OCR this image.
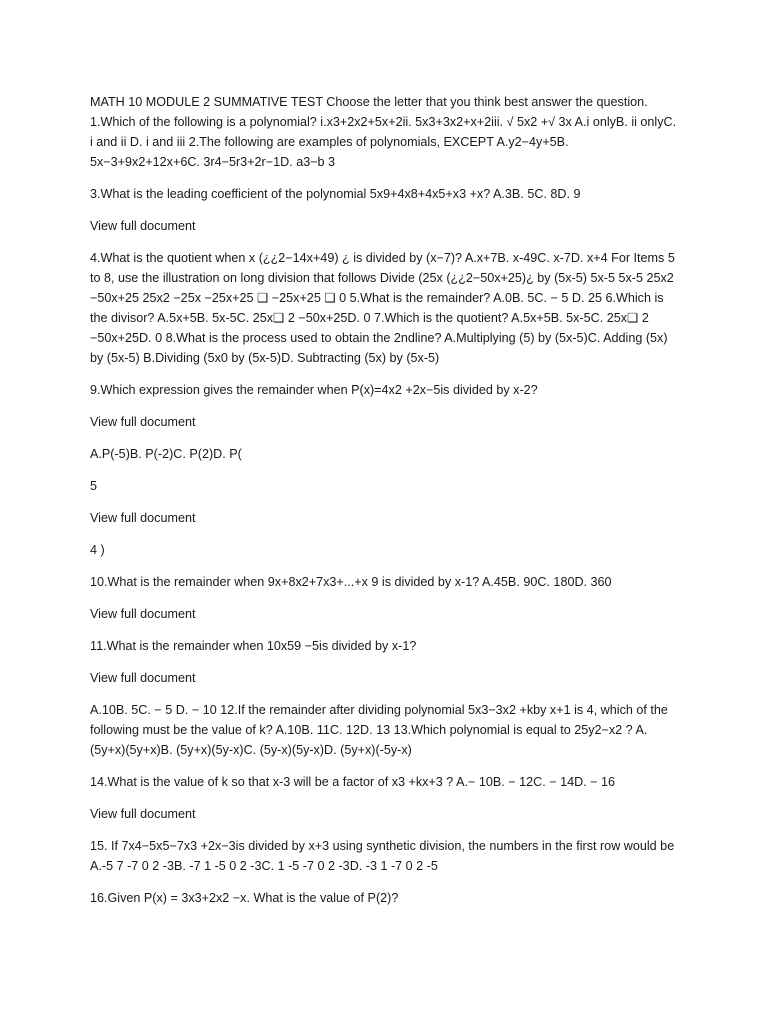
MATH 10 MODULE 2 SUMMATIVE TEST Choose the letter that you think best answer the question. 1.Which of the following is a polynomial? i.x3+2x2+5x+2ii. 5x3+3x2+x+2iii. √ 5x2 +√ 3x A.i onlyB. ii onlyC. i and ii D. i and iii 2.The following are examples of polynomials, EXCEPT A.y2−4y+5B. 5x−3+9x2+12x+6C. 3r4−5r3+2r−1D. a3−b 3

3.What is the leading coefficient of the polynomial 5x9+4x8+4x5+x3 +x? A.3B. 5C. 8D. 9

View full document

4.What is the quotient when x (¿¿2−14x+49) ¿ is divided by (x−7)? A.x+7B. x-49C. x-7D. x+4 For Items 5 to 8, use the illustration on long division that follows Divide (25x (¿¿2−50x+25)¿ by (5x-5) 5x-5 5x-5 25x2 −50x+25 25x2 −25x −25x+25 ❑ −25x+25 ❑ 0 5.What is the remainder? A.0B. 5C. − 5 D. 25 6.Which is the divisor? A.5x+5B. 5x-5C. 25x❑ 2 −50x+25D. 0 7.Which is the quotient? A.5x+5B. 5x-5C. 25x❑ 2 −50x+25D. 0 8.What is the process used to obtain the 2ndline? A.Multiplying (5) by (5x-5)C. Adding (5x) by (5x-5) B.Dividing (5x0 by (5x-5)D. Subtracting (5x) by (5x-5)

9.Which expression gives the remainder when P(x)=4x2 +2x−5is divided by x-2?

View full document

A.P(-5)B. P(-2)C. P(2)D. P(

5

View full document

4 )

10.What is the remainder when 9x+8x2+7x3+...+x 9 is divided by x-1? A.45B. 90C. 180D. 360

View full document

11.What is the remainder when 10x59 −5is divided by x-1?

View full document

A.10B. 5C. − 5 D. − 10 12.If the remainder after dividing polynomial 5x3−3x2 +kby x+1 is 4, which of the following must be the value of k? A.10B. 11C. 12D. 13 13.Which polynomial is equal to 25y2−x2 ? A.(5y+x)(5y+x)B. (5y+x)(5y-x)C. (5y-x)(5y-x)D. (5y+x)(-5y-x)

14.What is the value of k so that x-3 will be a factor of x3 +kx+3 ? A.− 10B. − 12C. − 14D. − 16

View full document

15. If 7x4−5x5−7x3 +2x−3is divided by x+3 using synthetic division, the numbers in the first row would be A.-5 7 -7 0 2 -3B. -7 1 -5 0 2 -3C. 1 -5 -7 0 2 -3D. -3 1 -7 0 2 -5

16.Given P(x) = 3x3+2x2 −x. What is the value of P(2)?
